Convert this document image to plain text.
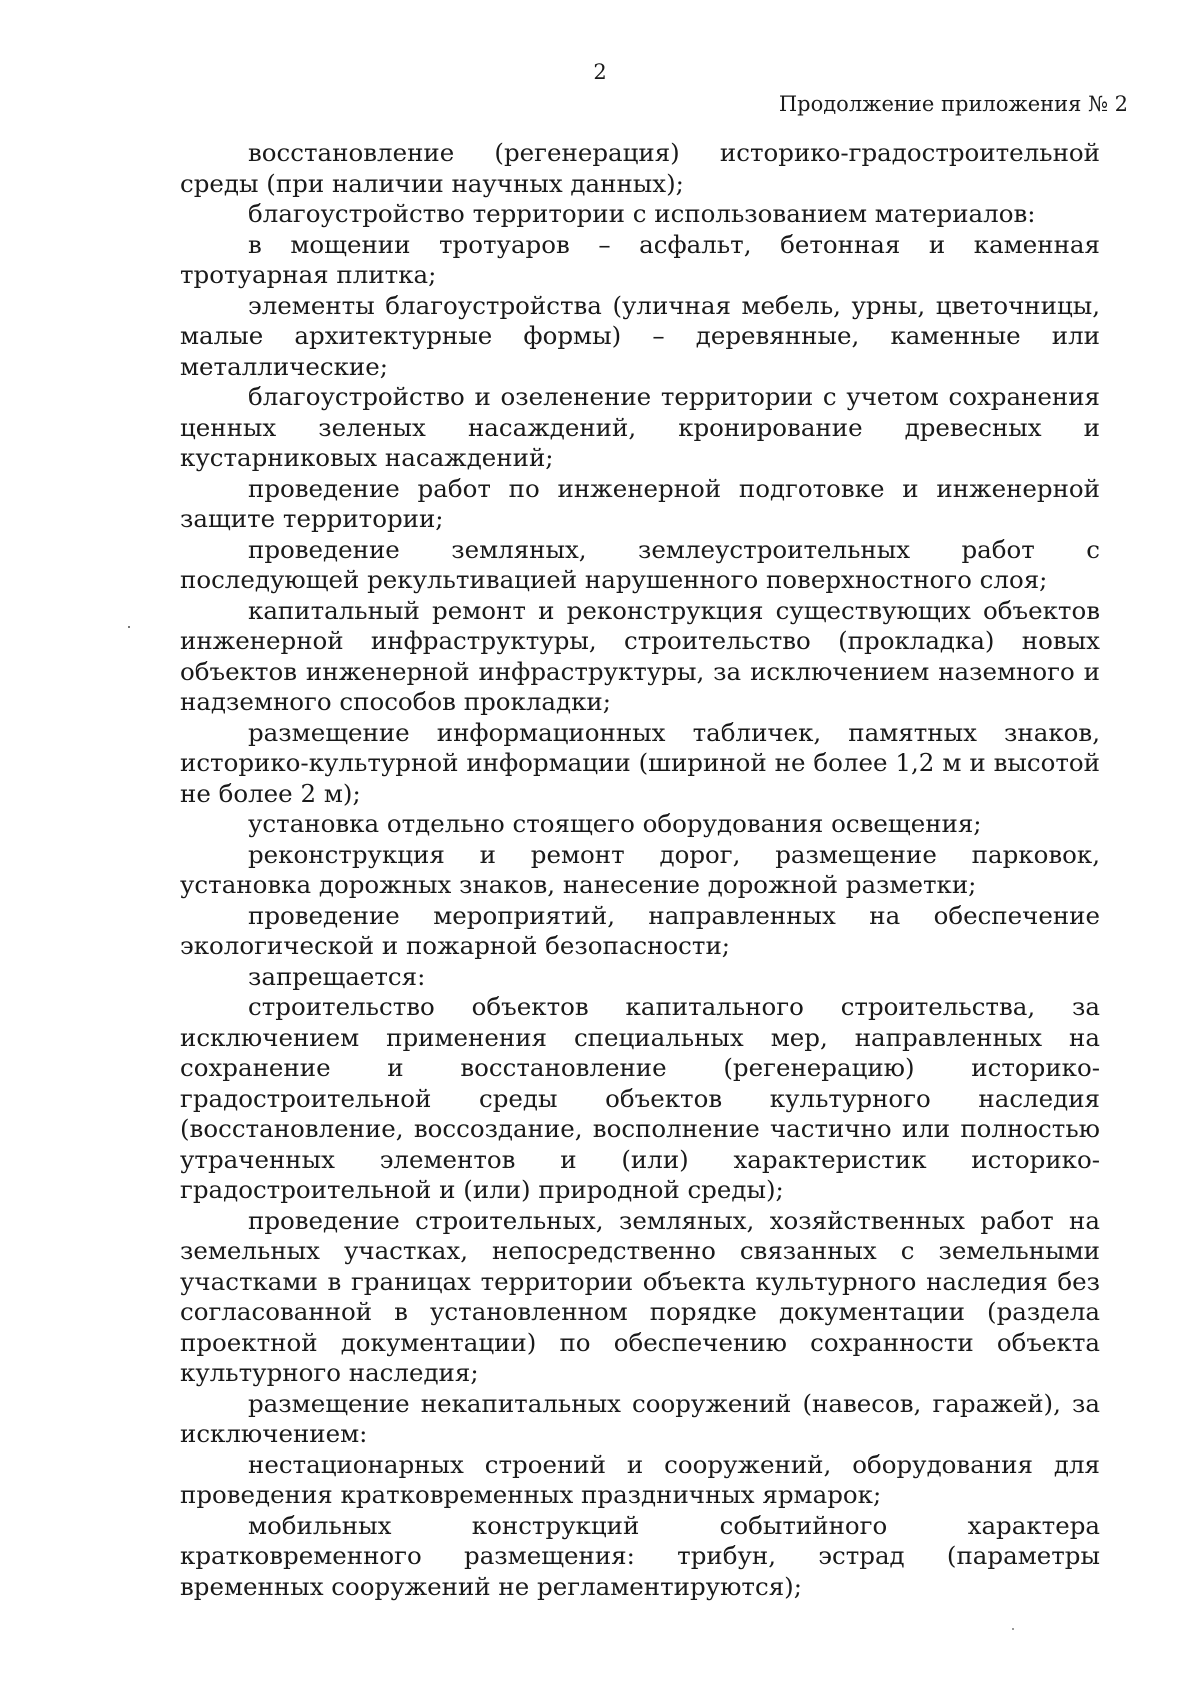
2
Продолжение приложения № 2

восстановление (регенерация) историко-градостроительной среды (при наличии научных данных);

благоустройство территории с использованием материалов:

в мощении тротуаров – асфальт, бетонная и каменная тротуарная плитка;

элементы благоустройства (уличная мебель, урны, цветочницы, малые архитектурные формы) – деревянные, каменные или металлические;

благоустройство и озеленение территории с учетом сохранения ценных зеленых насаждений, кронирование древесных и кустарниковых насаждений;

проведение работ по инженерной подготовке и инженерной защите территории;

проведение земляных, землеустроительных работ с последующей рекультивацией нарушенного поверхностного слоя;

капитальный ремонт и реконструкция существующих объектов инженерной инфраструктуры, строительство (прокладка) новых объектов инженерной инфраструктуры, за исключением наземного и надземного способов прокладки;

размещение информационных табличек, памятных знаков, историко-культурной информации (шириной не более 1,2 м и высотой не более 2 м);

установка отдельно стоящего оборудования освещения;

реконструкция и ремонт дорог, размещение парковок, установка дорожных знаков, нанесение дорожной разметки;

проведение мероприятий, направленных на обеспечение экологической и пожарной безопасности;

запрещается:

строительство объектов капитального строительства, за исключением применения специальных мер, направленных на сохранение и восстановление (регенерацию) историко-градостроительной среды объектов культурного наследия (восстановление, воссоздание, восполнение частично или полностью утраченных элементов и (или) характеристик историко-градостроительной и (или) природной среды);

проведение строительных, земляных, хозяйственных работ на земельных участках, непосредственно связанных с земельными участками в границах территории объекта культурного наследия без согласованной в установленном порядке документации (раздела проектной документации) по обеспечению сохранности объекта культурного наследия;

размещение некапитальных сооружений (навесов, гаражей), за исключением:

нестационарных строений и сооружений, оборудования для проведения кратковременных праздничных ярмарок;

мобильных конструкций событийного характера кратковременного размещения: трибун, эстрад (параметры временных сооружений не регламентируются);
